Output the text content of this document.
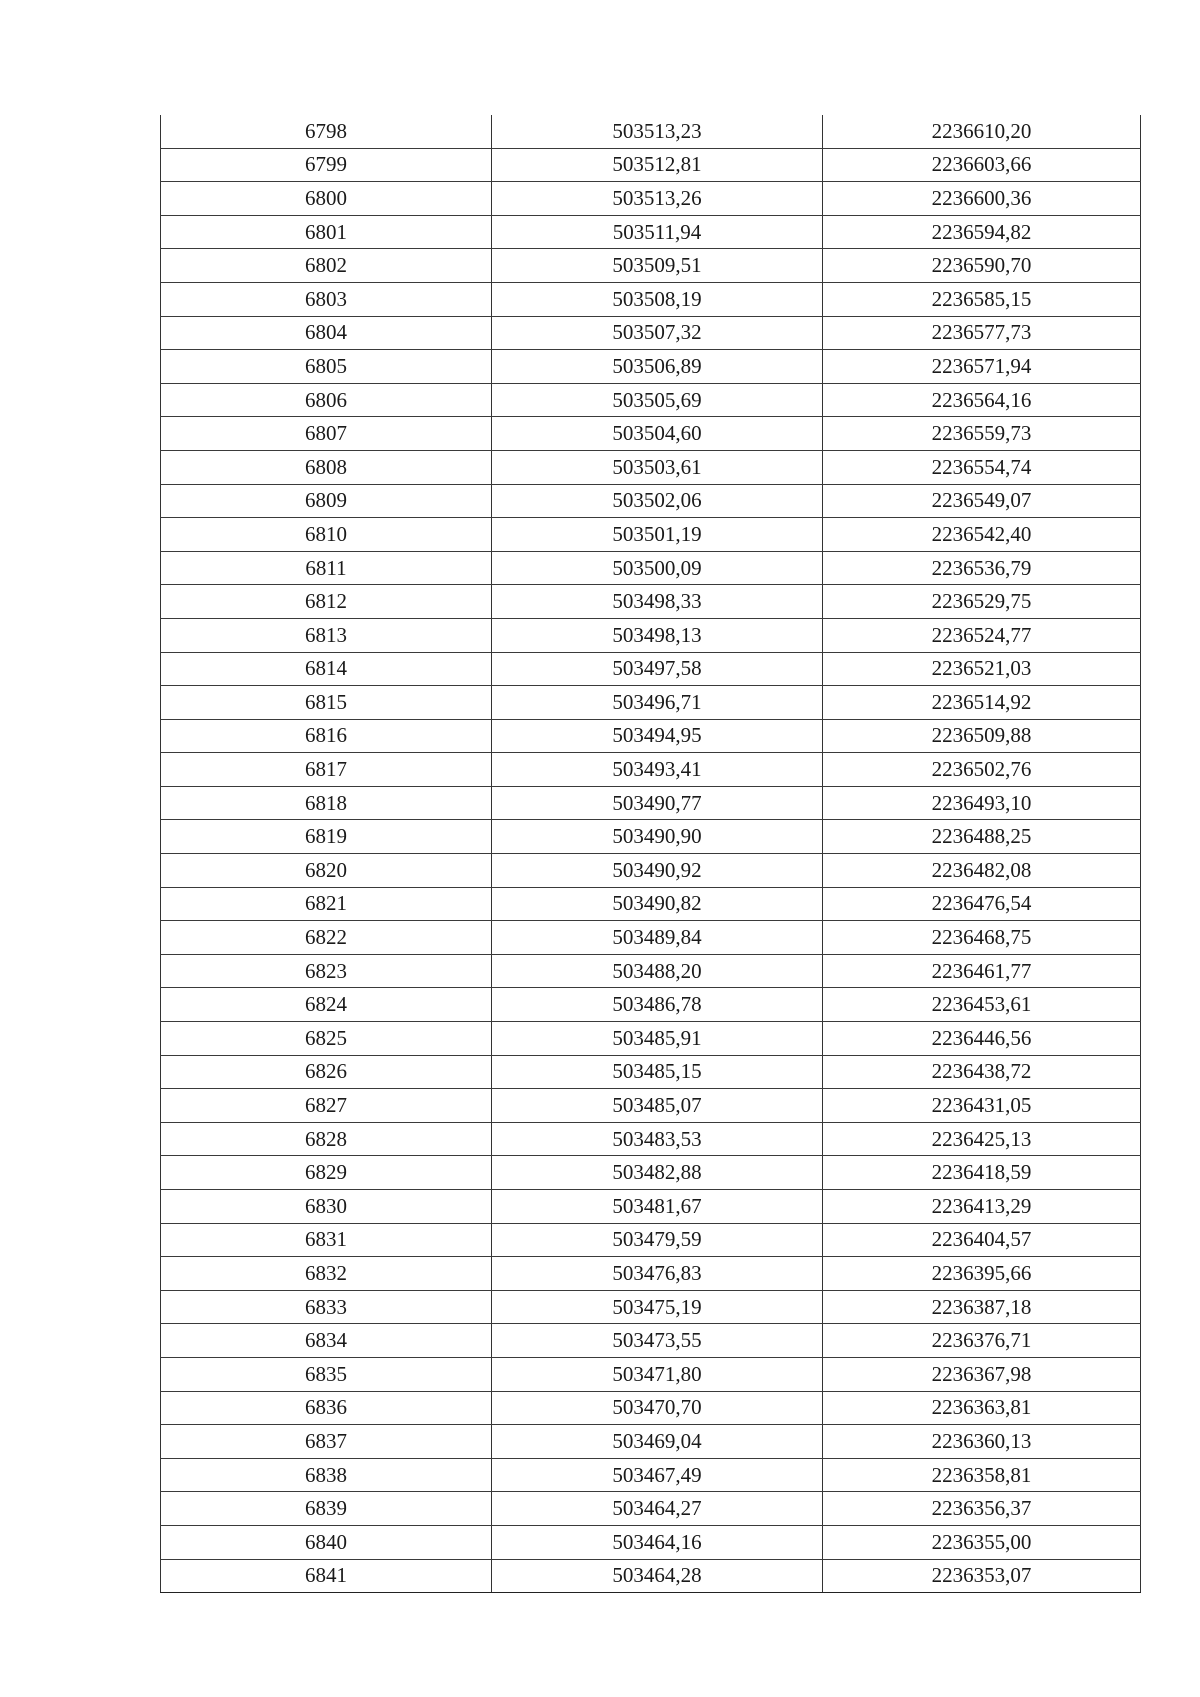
6798	503513,23	2236610,20
6799	503512,81	2236603,66
6800	503513,26	2236600,36
6801	503511,94	2236594,82
6802	503509,51	2236590,70
6803	503508,19	2236585,15
6804	503507,32	2236577,73
6805	503506,89	2236571,94
6806	503505,69	2236564,16
6807	503504,60	2236559,73
6808	503503,61	2236554,74
6809	503502,06	2236549,07
6810	503501,19	2236542,40
6811	503500,09	2236536,79
6812	503498,33	2236529,75
6813	503498,13	2236524,77
6814	503497,58	2236521,03
6815	503496,71	2236514,92
6816	503494,95	2236509,88
6817	503493,41	2236502,76
6818	503490,77	2236493,10
6819	503490,90	2236488,25
6820	503490,92	2236482,08
6821	503490,82	2236476,54
6822	503489,84	2236468,75
6823	503488,20	2236461,77
6824	503486,78	2236453,61
6825	503485,91	2236446,56
6826	503485,15	2236438,72
6827	503485,07	2236431,05
6828	503483,53	2236425,13
6829	503482,88	2236418,59
6830	503481,67	2236413,29
6831	503479,59	2236404,57
6832	503476,83	2236395,66
6833	503475,19	2236387,18
6834	503473,55	2236376,71
6835	503471,80	2236367,98
6836	503470,70	2236363,81
6837	503469,04	2236360,13
6838	503467,49	2236358,81
6839	503464,27	2236356,37
6840	503464,16	2236355,00
6841	503464,28	2236353,07
